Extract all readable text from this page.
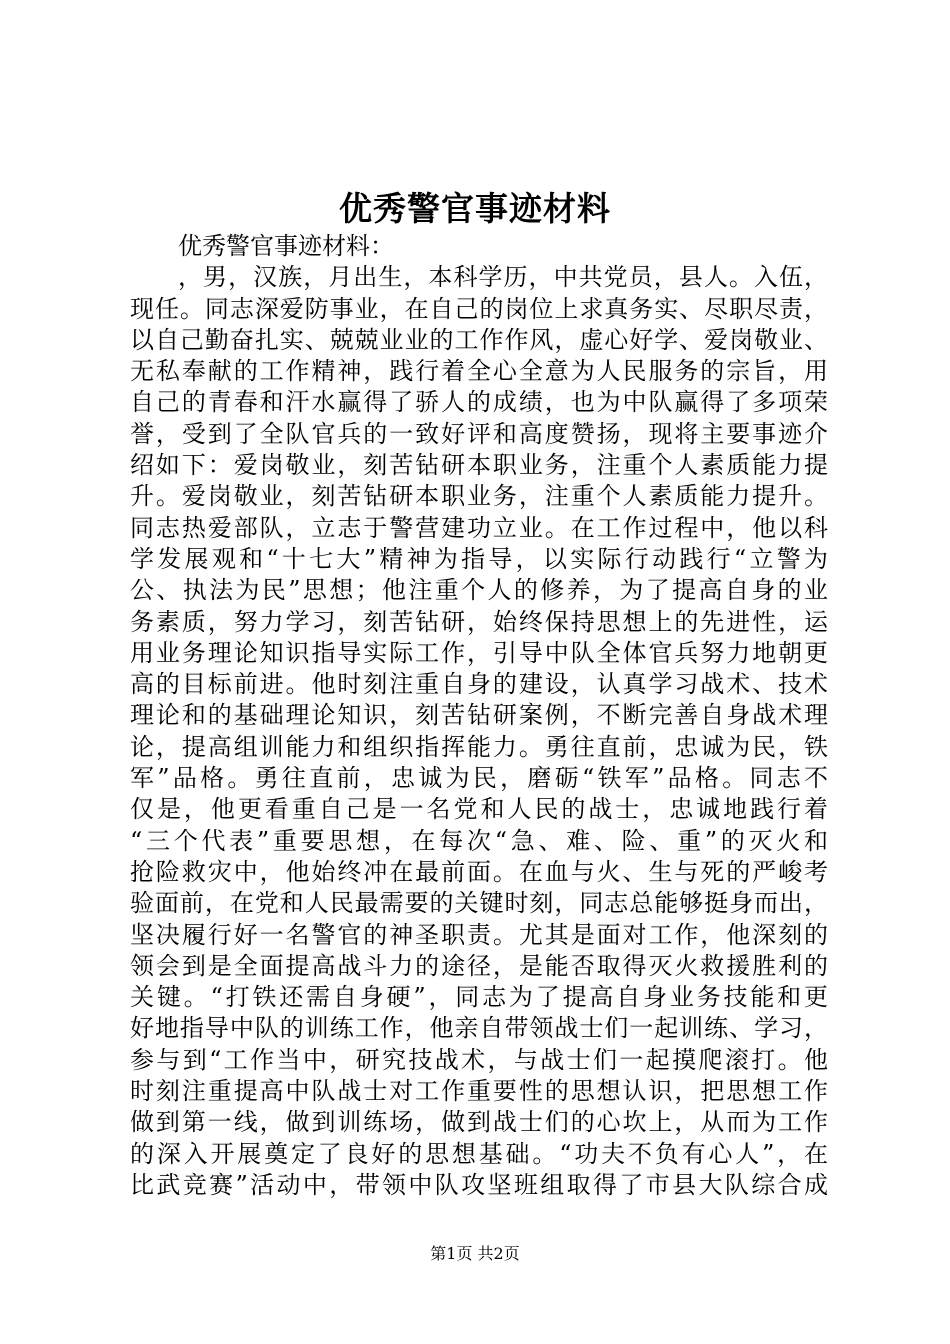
优秀警官事迹材料
优秀警官事迹材料：
，男，汉族，月出生，本科学历，中共党员，县人。入伍，
现任。同志深爱防事业，在自己的岗位上求真务实、尽职尽责，
以自己勤奋扎实、兢兢业业的工作作风，虚心好学、爱岗敬业、
无私奉献的工作精神，践行着全心全意为人民服务的宗旨，用
自己的青春和汗水赢得了骄人的成绩，也为中队赢得了多项荣
誉，受到了全队官兵的一致好评和高度赞扬，现将主要事迹介
绍如下：爱岗敬业，刻苦钻研本职业务，注重个人素质能力提
升。爱岗敬业，刻苦钻研本职业务，注重个人素质能力提升。
同志热爱部队，立志于警营建功立业。在工作过程中，他以科
学发展观和“十七大”精神为指导，以实际行动践行“立警为
公、执法为民”思想；他注重个人的修养，为了提高自身的业
务素质，努力学习，刻苦钻研，始终保持思想上的先进性，运
用业务理论知识指导实际工作，引导中队全体官兵努力地朝更
高的目标前进。他时刻注重自身的建设，认真学习战术、技术
理论和的基础理论知识，刻苦钻研案例，不断完善自身战术理
论，提高组训能力和组织指挥能力。勇往直前，忠诚为民，铁
军”品格。勇往直前，忠诚为民，磨砺“铁军”品格。同志不
仅是，他更看重自己是一名党和人民的战士，忠诚地践行着
“三个代表”重要思想，在每次“急、难、险、重”的灭火和
抢险救灾中，他始终冲在最前面。在血与火、生与死的严峻考
验面前，在党和人民最需要的关键时刻，同志总能够挺身而出，
坚决履行好一名警官的神圣职责。尤其是面对工作，他深刻的
领会到是全面提高战斗力的途径，是能否取得灭火救援胜利的
关键。“打铁还需自身硬”，同志为了提高自身业务技能和更
好地指导中队的训练工作，他亲自带领战士们一起训练、学习，
参与到“工作当中，研究技战术，与战士们一起摸爬滚打。他
时刻注重提高中队战士对工作重要性的思想认识，把思想工作
做到第一线，做到训练场，做到战士们的心坎上，从而为工作
的深入开展奠定了良好的思想基础。“功夫不负有心人”，在
比武竞赛”活动中，带领中队攻坚班组取得了市县大队综合成
第1页 共2页
